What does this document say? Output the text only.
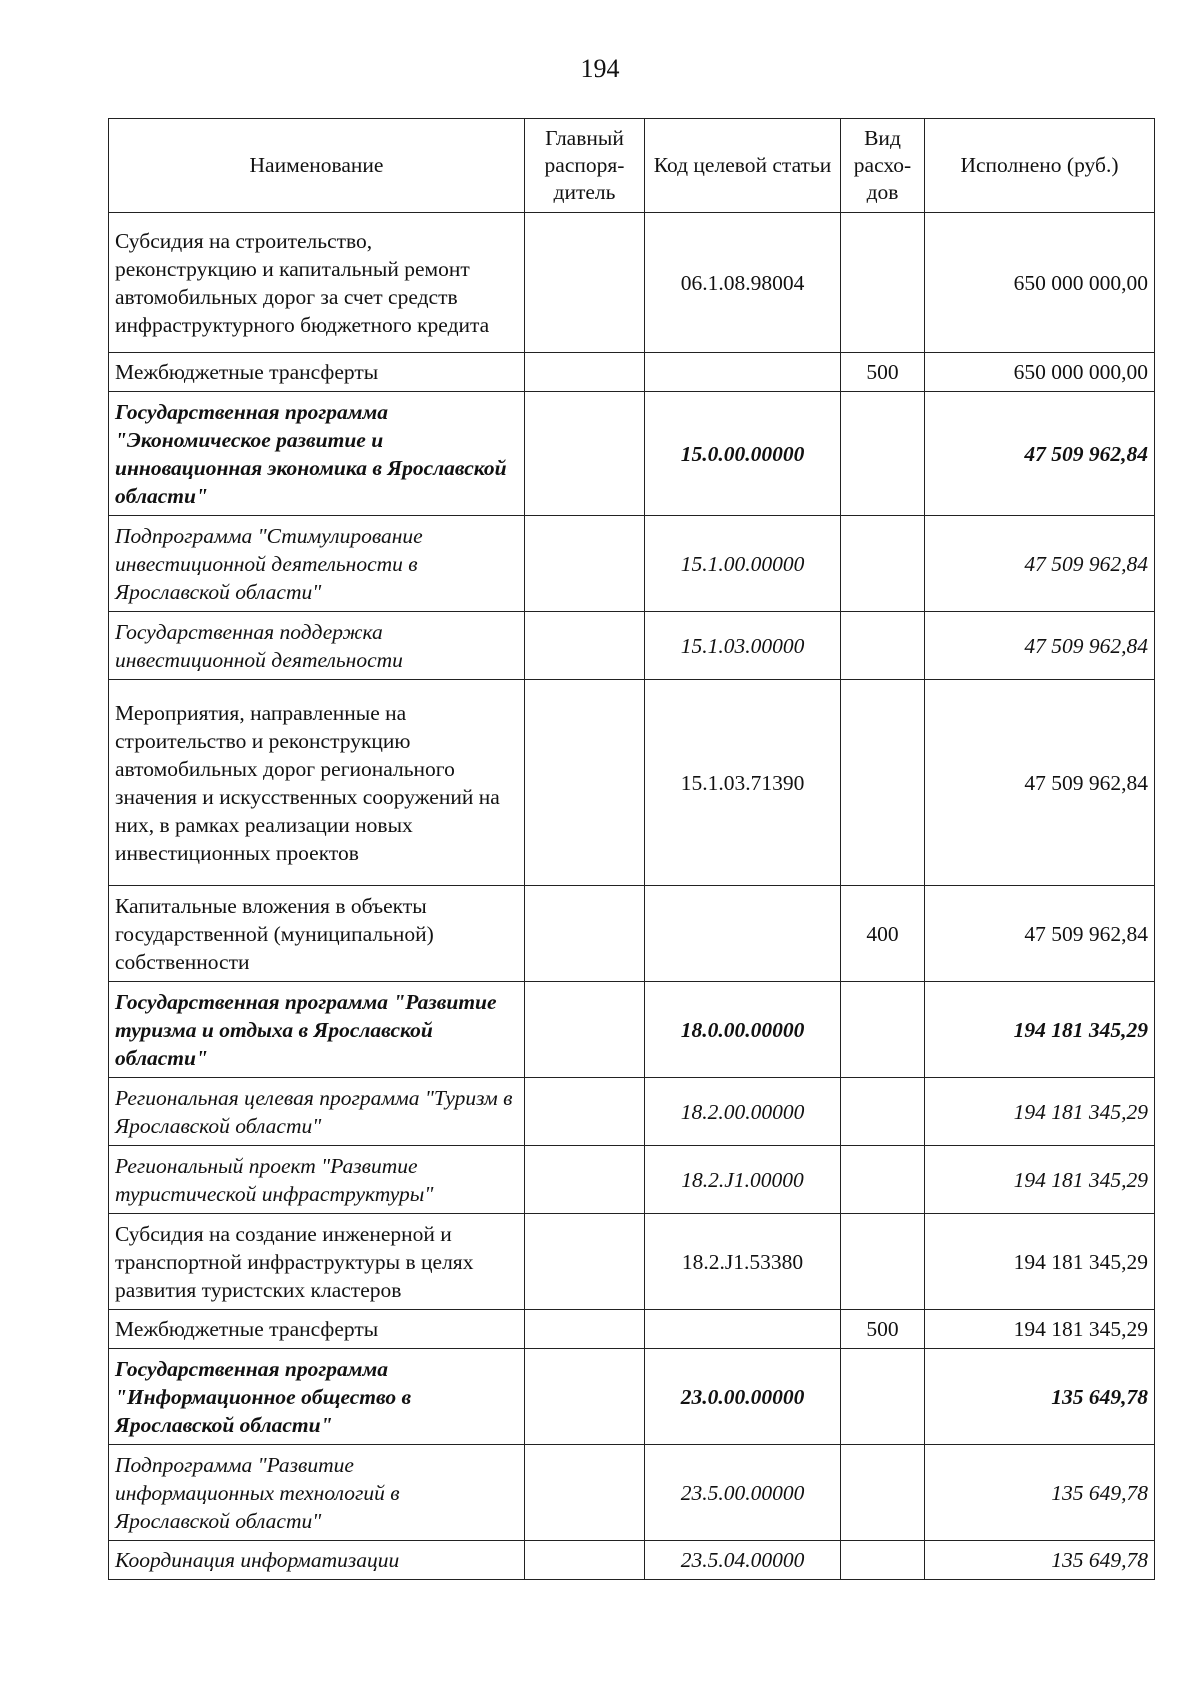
194
Наименование	Главный распоря-дитель	Код целевой статьи	Вид расхо-дов	Исполнено (руб.)
Субсидия на строительство, реконструкцию и капитальный ремонт автомобильных дорог за счет средств инфраструктурного бюджетного кредита		06.1.08.98004		650 000 000,00
Межбюджетные трансферты			500	650 000 000,00
Государственная программа "Экономическое развитие и инновационная экономика в Ярославской области"		15.0.00.00000		47 509 962,84
Подпрограмма "Стимулирование инвестиционной деятельности в Ярославской области"		15.1.00.00000		47 509 962,84
Государственная поддержка инвестиционной деятельности		15.1.03.00000		47 509 962,84
Мероприятия, направленные на строительство и реконструкцию автомобильных дорог регионального значения и искусственных сооружений на них, в рамках реализации новых инвестиционных проектов		15.1.03.71390		47 509 962,84
Капитальные вложения в объекты государственной (муниципальной) собственности			400	47 509 962,84
Государственная программа "Развитие туризма и отдыха в Ярославской области"		18.0.00.00000		194 181 345,29
Региональная целевая программа "Туризм в Ярославской области"		18.2.00.00000		194 181 345,29
Региональный проект "Развитие туристической инфраструктуры"		18.2.J1.00000		194 181 345,29
Субсидия на создание инженерной и транспортной инфраструктуры в целях развития туристских кластеров		18.2.J1.53380		194 181 345,29
Межбюджетные трансферты			500	194 181 345,29
Государственная программа "Информационное общество в Ярославской области"		23.0.00.00000		135 649,78
Подпрограмма "Развитие информационных технологий в Ярославской области"		23.5.00.00000		135 649,78
Координация информатизации		23.5.04.00000		135 649,78
